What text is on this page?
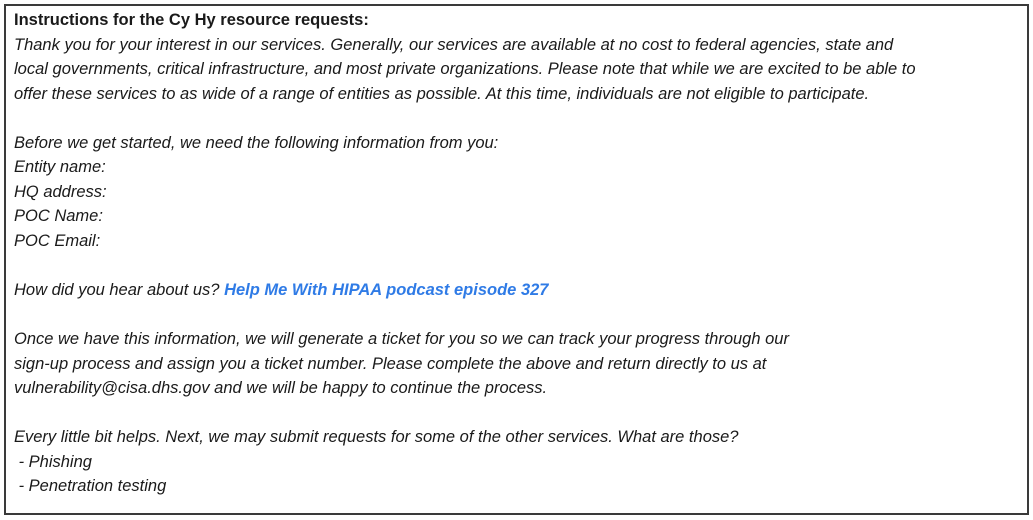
Instructions for the Cy Hy resource requests:
Thank you for your interest in our services. Generally, our services are available at no cost to federal agencies, state and
local governments, critical infrastructure, and most private organizations. Please note that while we are excited to be able to
offer these services to as wide of a range of entities as possible. At this time, individuals are not eligible to participate.
Before we get started, we need the following information from you:
Entity name:
HQ address:
POC Name:
POC Email:
How did you hear about us? Help Me With HIPAA podcast episode 327
Once we have this information, we will generate a ticket for you so we can track your progress through our
sign-up process and assign you a ticket number. Please complete the above and return directly to us at
vulnerability@cisa.dhs.gov and we will be happy to continue the process.
Every little bit helps. Next, we may submit requests for some of the other services. What are those?
- Phishing
- Penetration testing
